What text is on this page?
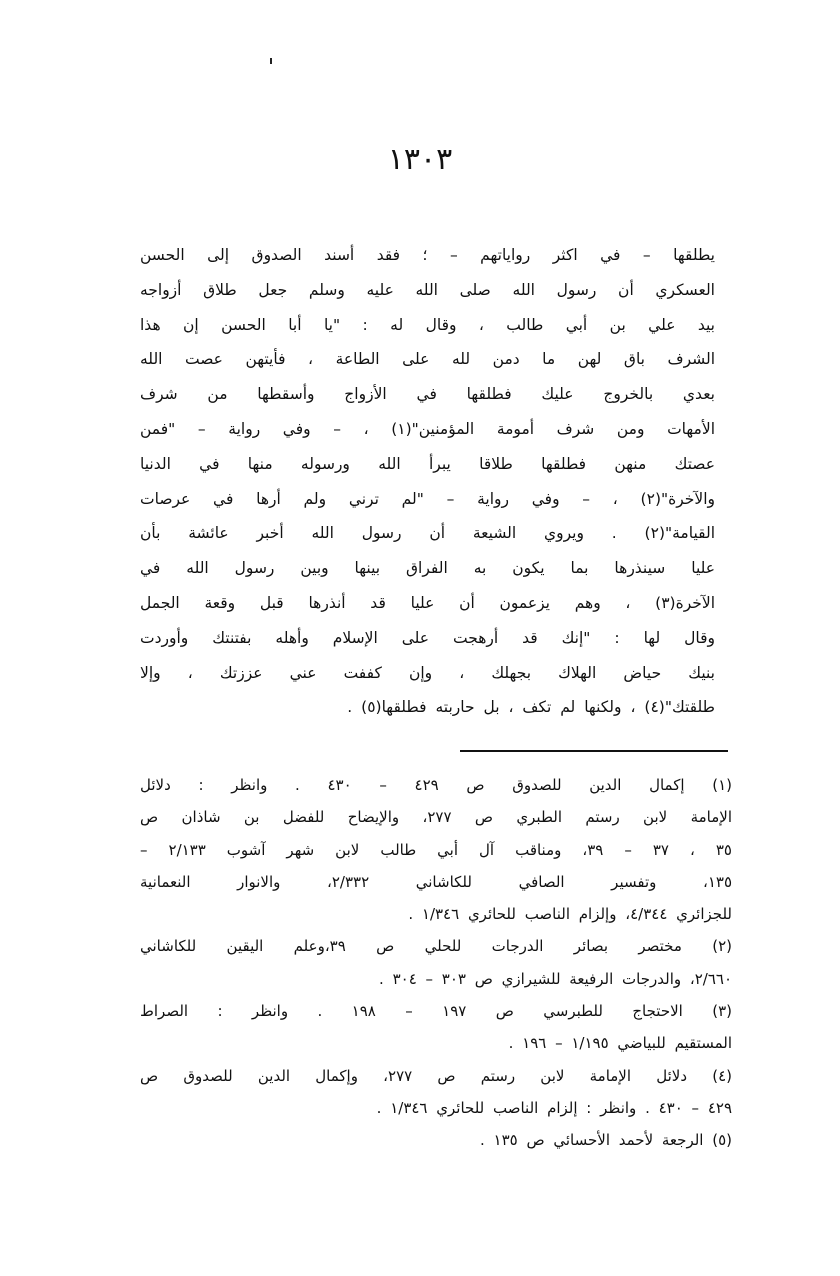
١٣٠٣
يطلقها – في اكثر رواياتهم – ؛ فقد أسند الصدوق إلى الحسن
العسكري أن رسول الله صلى الله عليه وسلم جعل طلاق أزواجه
بيد علي بن أبي طالب ، وقال له : "يا أبا الحسن إن هذا
الشرف باق لهن ما دمن لله على الطاعة ، فأيتهن عصت الله
بعدي بالخروج عليك فطلقها في الأزواج وأسقطها من شرف
الأمهات ومن شرف أمومة المؤمنين"(١) ، – وفي رواية – "فمن
عصتك منهن فطلقها طلاقا يبرأ الله ورسوله منها في الدنيا
والآخرة"(٢) ، – وفي رواية – "لم ترني ولم أرها في عرصات
القيامة"(٢) . ويروي الشيعة أن رسول الله أخبر عائشة بأن
عليا سينذرها بما يكون به الفراق بينها وبين رسول الله في
الآخرة(٣) ، وهم يزعمون أن عليا قد أنذرها قبل وقعة الجمل
وقال لها : "إنك قد أرهجت على الإسلام وأهله بفتنتك وأوردت
بنيك حياض الهلاك بجهلك ، وإن كففت عني عززتك ، وإلا
طلقتك"(٤) ، ولكنها لم تكف ، بل حاربته فطلقها(٥) .
(١) إكمال الدين للصدوق ص ٤٢٩ – ٤٣٠ . وانظر : دلائل
الإمامة لابن رستم الطبري ص ٢٧٧، والإيضاح للفضل بن شاذان ص
٣٥ ، ٣٧ – ٣٩، ومناقب آل أبي طالب لابن شهر آشوب ٢/١٣٣ –
١٣٥، وتفسير الصافي للكاشاني ٢/٣٣٢، والانوار النعمانية
للجزائري ٤/٣٤٤، وإلزام الناصب للحائري ١/٣٤٦ .
(٢) مختصر بصائر الدرجات للحلي ص ٣٩،وعلم اليقين للكاشاني
٢/٦٦٠، والدرجات الرفيعة للشيرازي ص ٣٠٣ – ٣٠٤ .
(٣) الاحتجاج للطبرسي ص ١٩٧ – ١٩٨ . وانظر : الصراط
المستقيم للبياضي ١/١٩٥ – ١٩٦ .
(٤) دلائل الإمامة لابن رستم ص ٢٧٧، وإكمال الدين للصدوق ص
٤٢٩ – ٤٣٠ . وانظر : إلزام الناصب للحائري ١/٣٤٦ .
(٥) الرجعة لأحمد الأحسائي ص ١٣٥ .
